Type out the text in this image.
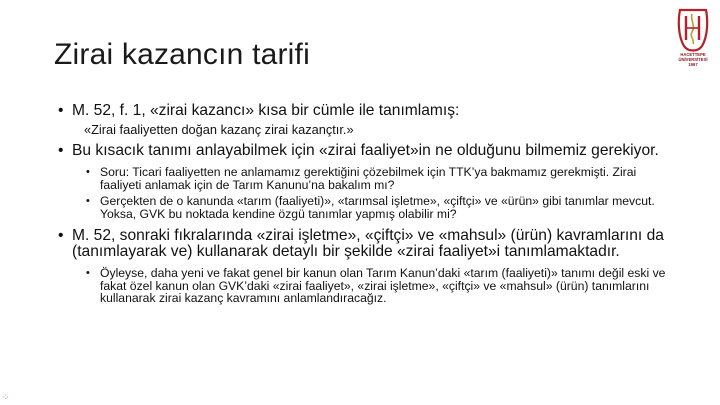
Zirai kazancın tarifi	HACETTEPE
ÜNİVERSİTESİ
1967
• M. 52, f. 1, «zirai kazancı» kısa bir cümle ile tanımlamış:
«Zirai faaliyetten doğan kazanç zirai kazançtır.»
• Bu kısacık tanımı anlayabilmek için «zirai faaliyet»in ne olduğunu bilmemiz gerekiyor.
• Soru: Ticari faaliyetten ne anlamamız gerektiğini çözebilmek için TTK’ya bakmamız gerekmişti. Zirai faaliyeti anlamak için de Tarım Kanunu’na bakalım mı?
• Gerçekten de o kanunda «tarım (faaliyeti)», «tarımsal işletme», «çiftçi» ve «ürün» gibi tanımlar mevcut. Yoksa, GVK bu noktada kendine özgü tanımlar yapmış olabilir mi?
• M. 52, sonraki fıkralarında «zirai işletme», «çiftçi» ve «mahsul» (ürün) kavramlarını da (tanımlayarak ve) kullanarak detaylı bir şekilde «zirai faaliyet»i tanımlamaktadır.
• Öyleyse, daha yeni ve fakat genel bir kanun olan Tarım Kanun’daki «tarım (faaliyeti)» tanımı değil eski ve fakat özel kanun olan GVK’daki «zirai faaliyet», «zirai işletme», «çiftçi» ve «mahsul» (ürün) tanımlarını kullanarak zirai kazanç kavramını anlamlandıracağız.
⁘
